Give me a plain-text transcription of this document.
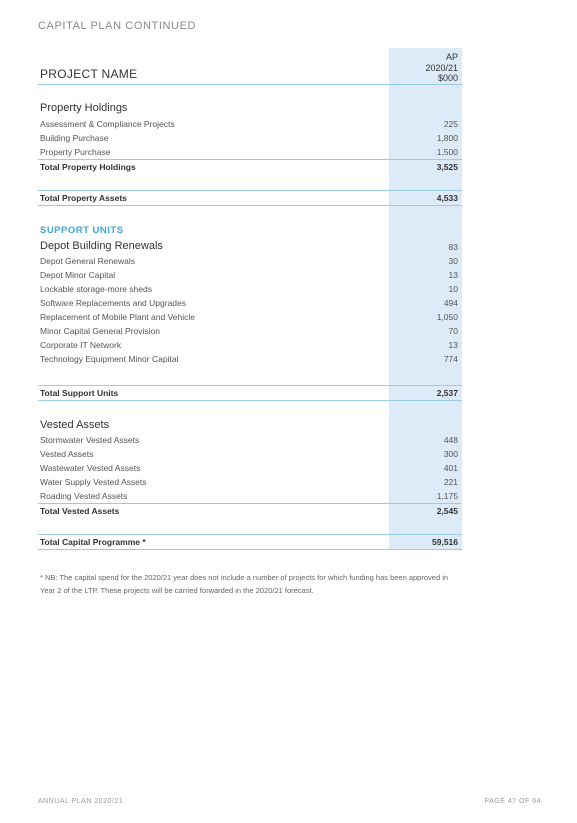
CAPITAL PLAN CONTINUED
PROJECT NAME
AP
2020/21
$000
Property Holdings
Assessment & Compliance Projects	225
Building Purchase	1,800
Property Purchase	1,500
Total Property Holdings	3,525
Total Property Assets	4,533
SUPPORT UNITS
Depot Building Renewals	83
Depot General Renewals	30
Depot Minor Capital	13
Lockable storage-more sheds	10
Software Replacements and Upgrades	494
Replacement of Mobile Plant and Vehicle	1,050
Minor Capital General Provision	70
Corporate IT Network	13
Technology Equipment Minor Capital	774
Total Support Units	2,537
Vested Assets
Stormwater Vested Assets	448
Vested Assets	300
Wastewater Vested Assets	401
Water Supply Vested Assets	221
Roading Vested Assets	1,175
Total Vested Assets	2,545
Total Capital Programme *	59,516
* NB: The capital spend for the 2020/21 year does not include a number of projects for which funding has been approved in Year 2 of the LTP. These projects will be carried forwarded in the 2020/21 forecast.
ANNUAL PLAN 2020/21	PAGE 47 OF 64
